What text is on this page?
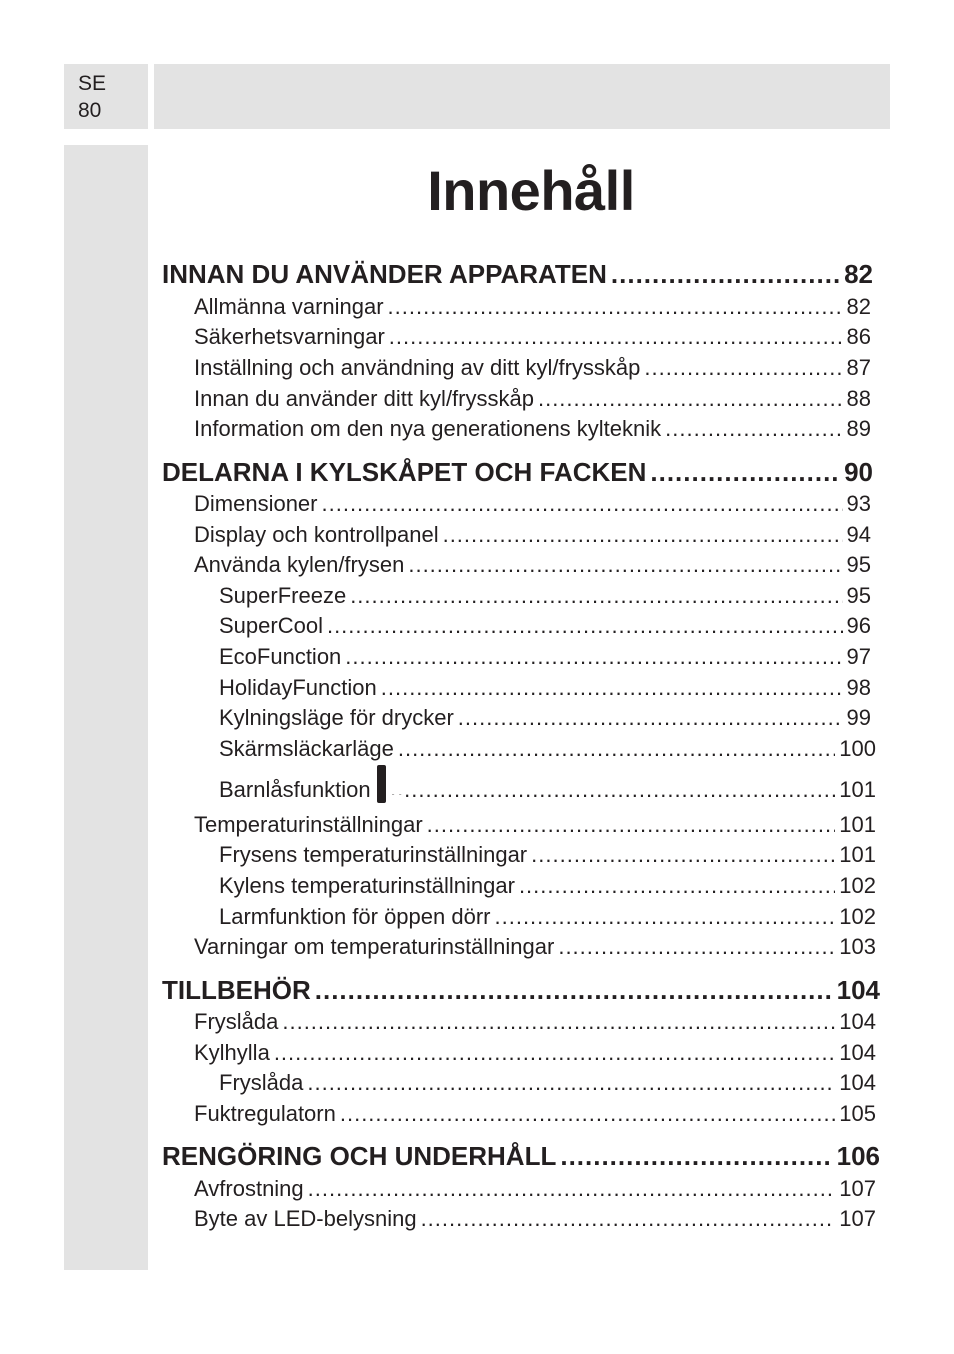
SE
80
Innehåll
INNAN DU ANVÄNDER APPARATEN .....	82
Allmänna varningar .....	82
Säkerhetsvarningar .....	86
Inställning och användning av ditt kyl/frysskåp .....	87
Innan du använder ditt kyl/frysskåp .....	88
Information om den nya generationens kylteknik .....	89
DELARNA I KYLSKÅPET OCH FACKEN .....	90
Dimensioner .....	93
Display och kontrollpanel .....	94
Använda kylen/frysen .....	95
SuperFreeze .....	95
SuperCool .....	96
EcoFunction .....	97
HolidayFunction .....	98
Kylningsläge för drycker .....	99
Skärmsläckarläge .....	100
Barnlåsfunktion .....	101
Temperaturinställningar .....	101
Frysens temperaturinställningar .....	101
Kylens temperaturinställningar .....	102
Larmfunktion för öppen dörr .....	102
Varningar om temperaturinställningar .....	103
TILLBEHÖR .....	104
Fryslåda .....	104
Kylhylla .....	104
Fryslåda .....	104
Fuktregulatorn .....	105
RENGÖRING OCH UNDERHÅLL .....	106
Avfrostning .....	107
Byte av LED-belysning .....	107
